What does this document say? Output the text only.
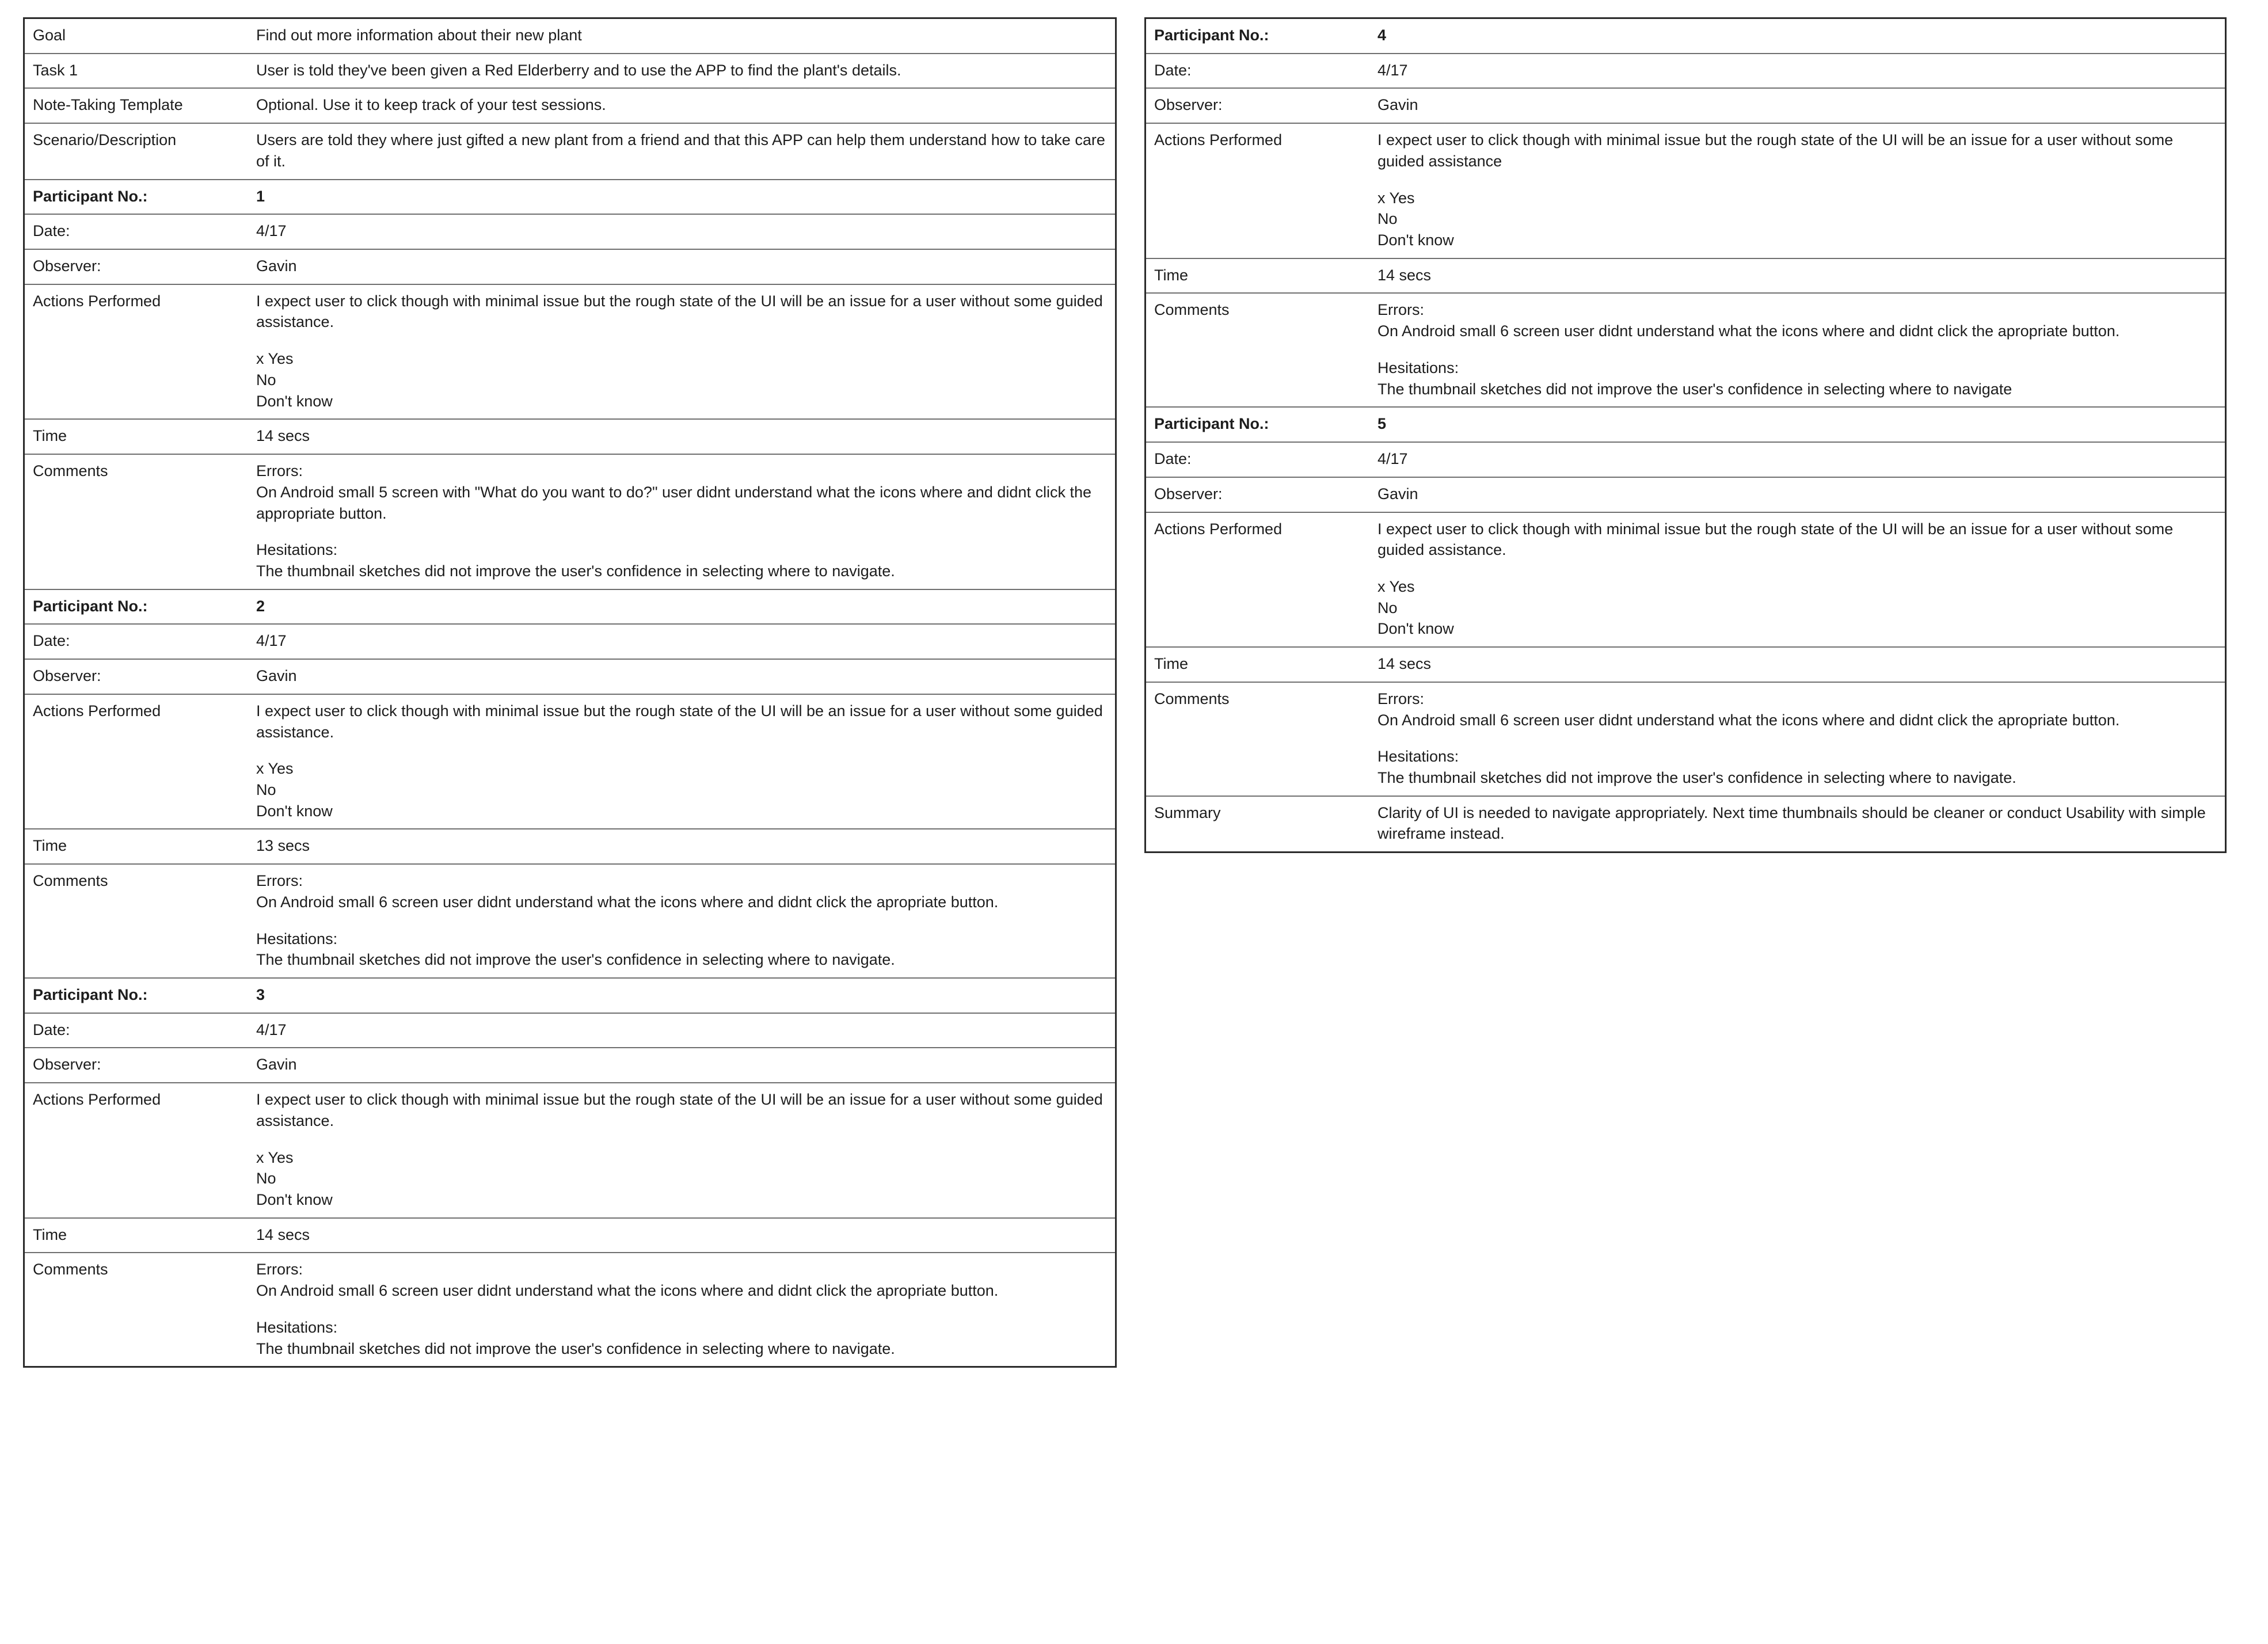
Goal	Find out more information about their new plant
Task 1	User is told they've been given a Red Elderberry and to use the APP to find the plant's details.
Note-Taking Template	Optional. Use it to keep track of your test sessions.
Scenario/Description	Users are told they where just gifted a new plant from a friend and that this APP can help them understand how to take care of it.
Participant No.:	1
Date:	4/17
Observer:	Gavin
Actions Performed	I expect user to click though with minimal issue but the rough state of the UI will be an issue for a user without some guided assistance.
x Yes
No
Don't know

Time	14 secs
Comments	Errors:
On Android small 5 screen with "What do you want to do?" user didnt understand what the icons where and didnt click the appropriate button.
Hesitations:
The thumbnail sketches did not improve the user's confidence in selecting where to navigate.

Participant No.:	2
Date:	4/17
Observer:	Gavin
Actions Performed	I expect user to click though with minimal issue but the rough state of the UI will be an issue for a user without some guided assistance.
x Yes
No
Don't know

Time	13 secs
Comments	Errors:
On Android small 6 screen user didnt understand what the icons where and didnt click the apropriate button.
Hesitations:
The thumbnail sketches did not improve the user's confidence in selecting where to navigate.

Participant No.:	3
Date:	4/17
Observer:	Gavin
Actions Performed	I expect user to click though with minimal issue but the rough state of the UI will be an issue for a user without some guided assistance.
x Yes
No
Don't know

Time	14 secs
Comments	Errors:
On Android small 6 screen user didnt understand what the icons where and didnt click the apropriate button.
Hesitations:
The thumbnail sketches did not improve the user's confidence in selecting where to navigate.
Participant No.:	4
Date:	4/17
Observer:	Gavin
Actions Performed	I expect user to click though with minimal issue but the rough state of the UI will be an issue for a user without some guided assistance
x Yes
No
Don't know

Time	14 secs
Comments	Errors:
On Android small 6 screen user didnt understand what the icons where and didnt click the apropriate button.
Hesitations:
The thumbnail sketches did not improve the user's confidence in selecting where to navigate

Participant No.:	5
Date:	4/17
Observer:	Gavin
Actions Performed	I expect user to click though with minimal issue but the rough state of the UI will be an issue for a user without some guided assistance.
x Yes
No
Don't know

Time	14 secs
Comments	Errors:
On Android small 6 screen user didnt understand what the icons where and didnt click the apropriate button.
Hesitations:
The thumbnail sketches did not improve the user's confidence in selecting where to navigate.

Summary	Clarity of UI is needed to navigate appropriately. Next time thumbnails should be cleaner or conduct Usability with simple wireframe instead.
